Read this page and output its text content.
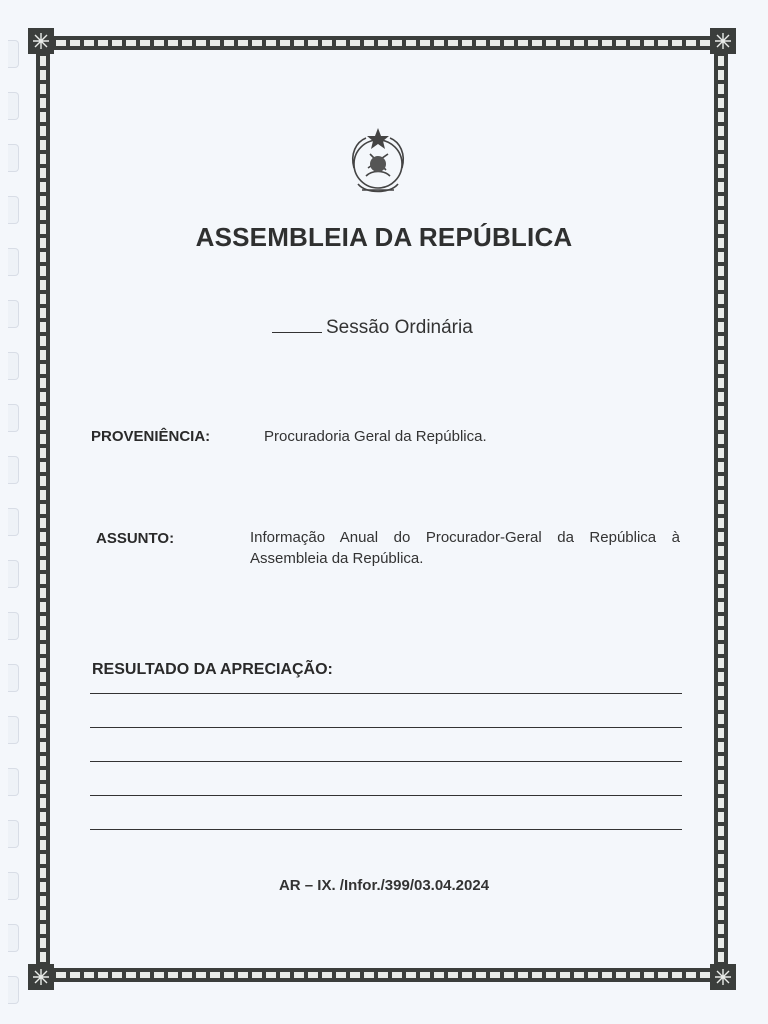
ASSEMBLEIA DA REPÚBLICA
Sessão Ordinária
PROVENIÊNCIA:	Procuradoria Geral da República.
ASSUNTO:	Informação Anual do Procurador-Geral da República à
Assembleia da República.
RESULTADO DA APRECIAÇÃO:
AR – IX. /Infor./399/03.04.2024
